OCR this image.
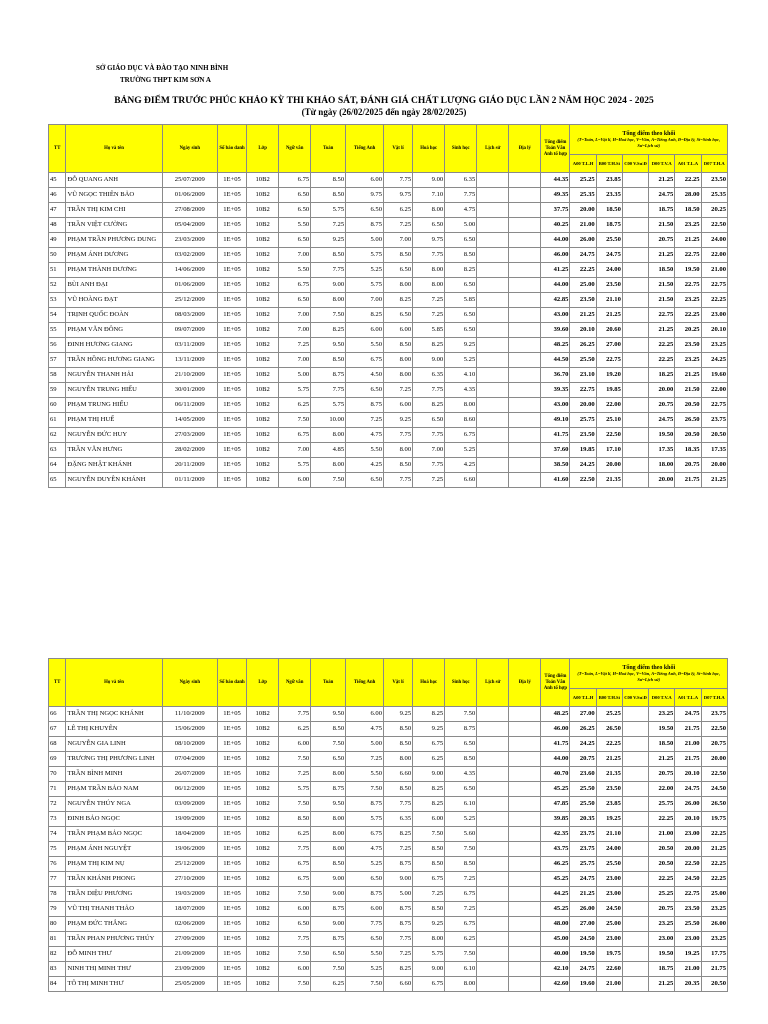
SỞ GIÁO DỤC VÀ ĐÀO TẠO NINH BÌNH
TRƯỜNG THPT KIM SƠN A
BẢNG ĐIỂM TRƯỚC PHÚC KHẢO KỲ THI KHẢO SÁT, ĐÁNH GIÁ CHẤT LƯỢNG GIÁO DỤC LẦN 2 NĂM HỌC 2024 - 2025
(Từ ngày (26/02/2025 đến ngày 28/02/2025)
TT	Họ và tên	Ngày sinh	Số báo danh	Lớp	Ngữ văn	Toán	Tiếng Anh	Vật lí	Hoá học	Sinh học	Lịch sử	Địa lý	Tổng điểm Toán Văn Anh tổ hợp	Tổng điểm theo khối
(T=Toán, L=Vật lí, H=Hoá học, V=Văn, A=Tiếng Anh, Đ=Địa lý, Si=Sinh học, Sư=Lịch sử)					

														A00 T.L.H	B00 T.H.Si	C00 V.Sư.Đ	D00 T.V.A	A01 T.L.A	D07 T.H.A
45	ĐỖ QUANG ANH	25/07/2009	1E+05	10B2	6.75	8.50	6.00	7.75	9.00	6.35			44.35	25.25	23.85		21.25	22.25	23.50
46	VŨ NGỌC THIÊN BẢO	01/06/2009	1E+05	10B2	6.50	8.50	9.75	9.75	7.10	7.75			49.35	25.35	23.35		24.75	28.00	25.35
47	TRẦN THỊ KIM CHI	27/08/2009	1E+05	10B2	6.50	5.75	6.50	6.25	8.00	4.75			37.75	20.00	18.50		18.75	18.50	20.25
48	TRẦN VIỆT CƯỜNG	05/04/2009	1E+05	10B2	5.50	7.25	8.75	7.25	6.50	5.00			40.25	21.00	18.75		21.50	23.25	22.50
49	PHẠM TRẦN PHƯƠNG DUNG	23/03/2009	1E+05	10B2	6.50	9.25	5.00	7.00	9.75	6.50			44.00	26.00	25.50		20.75	21.25	24.00
50	PHẠM ÁNH DƯƠNG	03/02/2009	1E+05	10B2	7.00	8.50	5.75	8.50	7.75	8.50			46.00	24.75	24.75		21.25	22.75	22.00
51	PHẠM THÀNH DƯƠNG	14/06/2009	1E+05	10B2	5.50	7.75	5.25	6.50	8.00	8.25			41.25	22.25	24.00		18.50	19.50	21.00
52	BÙI ANH ĐẠI	01/06/2009	1E+05	10B2	6.75	9.00	5.75	8.00	8.00	6.50			44.00	25.00	23.50		21.50	22.75	22.75
53	VŨ HOÀNG ĐẠT	25/12/2009	1E+05	10B2	6.50	8.00	7.00	8.25	7.25	5.85			42.85	23.50	21.10		21.50	23.25	22.25
54	TRỊNH QUỐC ĐOÀN	08/03/2009	1E+05	10B2	7.00	7.50	8.25	6.50	7.25	6.50			43.00	21.25	21.25		22.75	22.25	23.00
55	PHẠM VĂN ĐÔNG	09/07/2009	1E+05	10B2	7.00	8.25	6.00	6.00	5.85	6.50			39.60	20.10	20.60		21.25	20.25	20.10
56	ĐINH HƯƠNG GIANG	03/11/2009	1E+05	10B2	7.25	9.50	5.50	8.50	8.25	9.25			48.25	26.25	27.00		22.25	23.50	23.25
57	TRẦN HỒNG HƯƠNG GIANG	13/11/2009	1E+05	10B2	7.00	8.50	6.75	8.00	9.00	5.25			44.50	25.50	22.75		22.25	23.25	24.25
58	NGUYỄN THANH HẢI	21/10/2009	1E+05	10B2	5.00	8.75	4.50	8.00	6.35	4.10			36.70	23.10	19.20		18.25	21.25	19.60
59	NGUYỄN TRUNG HIẾU	30/01/2009	1E+05	10B2	5.75	7.75	6.50	7.25	7.75	4.35			39.35	22.75	19.85		20.00	21.50	22.00
60	PHẠM TRUNG HIẾU	06/11/2009	1E+05	10B2	6.25	5.75	8.75	6.00	8.25	8.00			43.00	20.00	22.00		20.75	20.50	22.75
61	PHẠM THỊ HUẾ	14/05/2009	1E+05	10B2	7.50	10.00	7.25	9.25	6.50	8.60			49.10	25.75	25.10		24.75	26.50	23.75
62	NGUYỄN ĐỨC HUY	27/03/2009	1E+05	10B2	6.75	8.00	4.75	7.75	7.75	6.75			41.75	23.50	22.50		19.50	20.50	20.50
63	TRẦN VĂN HƯNG	28/02/2009	1E+05	10B2	7.00	4.85	5.50	8.00	7.00	5.25			37.60	19.85	17.10		17.35	18.35	17.35
64	ĐẶNG NHẬT KHÁNH	20/11/2009	1E+05	10B2	5.75	8.00	4.25	8.50	7.75	4.25			38.50	24.25	20.00		18.00	20.75	20.00
65	NGUYỄN DUYÊN KHÁNH	01/11/2009	1E+05	10B2	6.00	7.50	6.50	7.75	7.25	6.60			41.60	22.50	21.35		20.00	21.75	21.25
TT	Họ và tên	Ngày sinh	Số báo danh	Lớp	Ngữ văn	Toán	Tiếng Anh	Vật lí	Hoá học	Sinh học	Lịch sử	Địa lý	Tổng điểm Toán Văn Anh tổ hợp	Tổng điểm theo khối
(T=Toán, L=Vật lí, H=Hoá học, V=Văn, A=Tiếng Anh, Đ=Địa lý, Si=Sinh học, Sư=Lịch sử)					

														A00 T.L.H	B00 T.H.Si	C00 V.Sư.Đ	D00 T.V.A	A01 T.L.A	D07 T.H.A
66	TRẦN THỊ NGỌC KHÁNH	11/10/2009	1E+05	10B2	7.75	9.50	6.00	9.25	8.25	7.50			48.25	27.00	25.25		23.25	24.75	23.75
67	LÊ THỊ KHUYÊN	15/06/2009	1E+05	10B2	6.25	8.50	4.75	8.50	9.25	8.75			46.00	26.25	26.50		19.50	21.75	22.50
68	NGUYỄN GIA LINH	08/10/2009	1E+05	10B2	6.00	7.50	5.00	8.50	6.75	6.50			41.75	24.25	22.25		18.50	21.00	20.75
69	TRƯƠNG THỊ PHƯƠNG LINH	07/04/2009	1E+05	10B2	7.50	6.50	7.25	8.00	6.25	8.50			44.00	20.75	21.25		21.25	21.75	20.00
70	TRẦN BÌNH MINH	26/07/2009	1E+05	10B2	7.25	8.00	5.50	6.60	9.00	4.35			40.70	23.60	21.35		20.75	20.10	22.50
71	PHẠM TRẦN BẢO NAM	06/12/2009	1E+05	10B2	5.75	8.75	7.50	8.50	8.25	6.50			45.25	25.50	23.50		22.00	24.75	24.50
72	NGUYỄN THÚY NGA	03/09/2009	1E+05	10B2	7.50	9.50	8.75	7.75	8.25	6.10			47.85	25.50	23.85		25.75	26.00	26.50
73	ĐINH BẢO NGỌC	19/09/2009	1E+05	10B2	8.50	8.00	5.75	6.35	6.00	5.25			39.85	20.35	19.25		22.25	20.10	19.75
74	TRẦN PHẠM BẢO NGỌC	18/04/2009	1E+05	10B2	6.25	8.00	6.75	8.25	7.50	5.60			42.35	23.75	21.10		21.00	23.00	22.25
75	PHẠM ÁNH NGUYỆT	19/06/2009	1E+05	10B2	7.75	8.00	4.75	7.25	8.50	7.50			43.75	23.75	24.00		20.50	20.00	21.25
76	PHẠM THỊ KIM NỤ	25/12/2009	1E+05	10B2	6.75	8.50	5.25	8.75	8.50	8.50			46.25	25.75	25.50		20.50	22.50	22.25
77	TRẦN KHÁNH PHONG	27/10/2009	1E+05	10B2	6.75	9.00	6.50	9.00	6.75	7.25			45.25	24.75	23.00		22.25	24.50	22.25
78	TRẦN DIỆU PHƯƠNG	19/03/2009	1E+05	10B2	7.50	9.00	8.75	5.00	7.25	6.75			44.25	21.25	23.00		25.25	22.75	25.00
79	VŨ THỊ THANH THẢO	18/07/2009	1E+05	10B2	6.00	8.75	6.00	8.75	8.50	7.25			45.25	26.00	24.50		20.75	23.50	23.25
80	PHẠM ĐỨC THẮNG	02/06/2009	1E+05	10B2	6.50	9.00	7.75	8.75	9.25	6.75			48.00	27.00	25.00		23.25	25.50	26.00
81	TRẦN PHAN PHƯƠNG THÚY	27/09/2009	1E+05	10B2	7.75	8.75	6.50	7.75	8.00	6.25			45.00	24.50	23.00		23.00	23.00	23.25
82	ĐỖ MINH THƯ	21/09/2009	1E+05	10B2	7.50	6.50	5.50	7.25	5.75	7.50			40.00	19.50	19.75		19.50	19.25	17.75
83	NINH THỊ MINH THƯ	23/09/2009	1E+05	10B2	6.00	7.50	5.25	8.25	9.00	6.10			42.10	24.75	22.60		18.75	21.00	21.75
84	TÔ THỊ MINH THƯ	25/05/2009	1E+05	10B2	7.50	6.25	7.50	6.60	6.75	8.00			42.60	19.60	21.00		21.25	20.35	20.50
